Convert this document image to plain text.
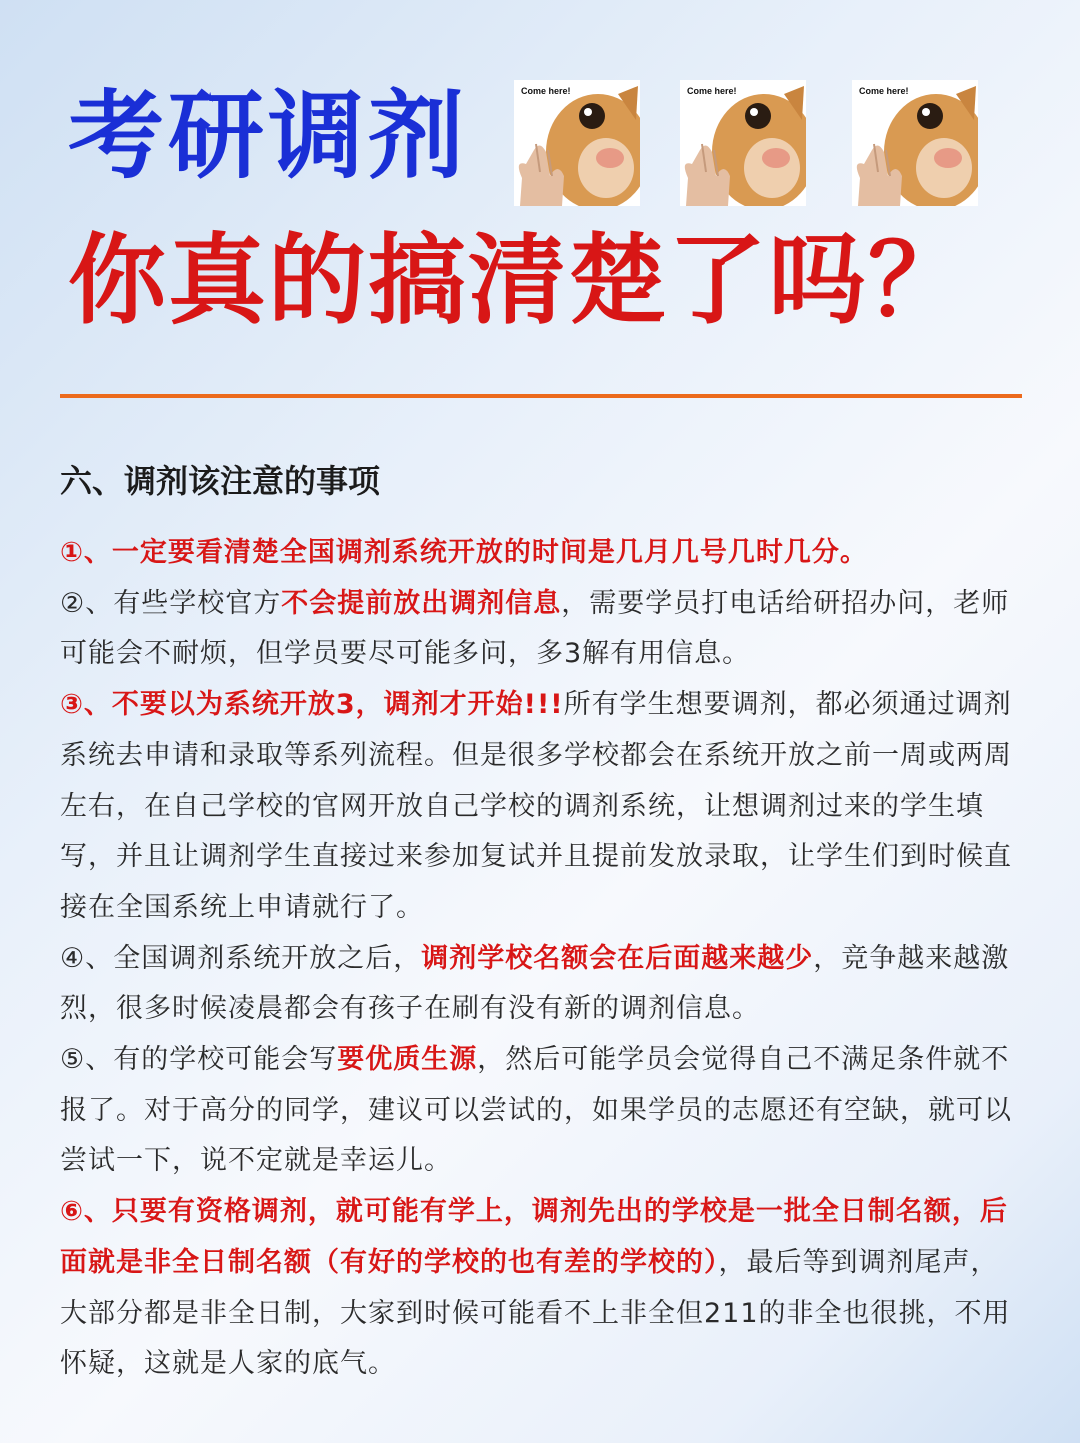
考研调剂	Come here!	Come here!	Come here!
你真的搞清楚了吗？
六、调剂该注意的事项

①、一定要看清楚全国调剂系统开放的时间是几月几号几时几分。

②、有些学校官方不会提前放出调剂信息，需要学员打电话给研招办问，老师可能会不耐烦，但学员要尽可能多问，多3解有用信息。

③、不要以为系统开放3，调剂才开始!!!所有学生想要调剂，都必须通过调剂系统去申请和录取等系列流程。但是很多学校都会在系统开放之前一周或两周左右，在自己学校的官网开放自己学校的调剂系统，让想调剂过来的学生填写，并且让调剂学生直接过来参加复试并且提前发放录取，让学生们到时候直接在全国系统上申请就行了。

④、全国调剂系统开放之后，调剂学校名额会在后面越来越少，竞争越来越激烈，很多时候凌晨都会有孩子在刷有没有新的调剂信息。

⑤、有的学校可能会写要优质生源，然后可能学员会觉得自己不满足条件就不报了。对于高分的同学，建议可以尝试的，如果学员的志愿还有空缺，就可以尝试一下，说不定就是幸运儿。

⑥、只要有资格调剂，就可能有学上，调剂先出的学校是一批全日制名额，后面就是非全日制名额（有好的学校的也有差的学校的），最后等到调剂尾声，大部分都是非全日制，大家到时候可能看不上非全但211的非全也很挑，不用怀疑，这就是人家的底气。
